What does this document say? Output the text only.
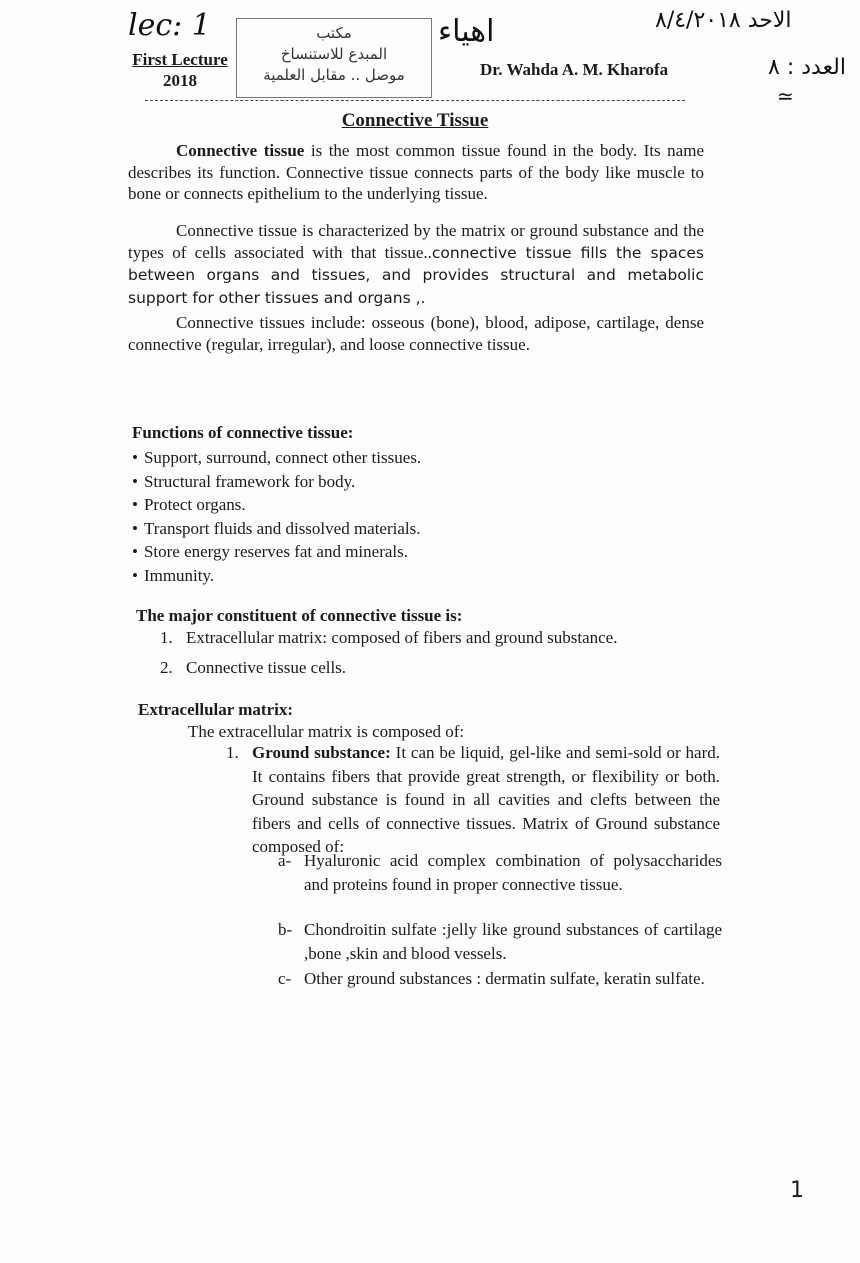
lec: 1
First Lecture
2018
مكتب
المبدع للاستنساخ
موصل .. مقابل العلمية
اهياء
Dr. Wahda A. M. Kharofa
الاحد ٨/٤/٢٠١٨
العدد : ٨
≃
Connective Tissue

Connective tissue is the most common tissue found in the body. Its name describes its function. Connective tissue connects parts of the body like muscle to bone or connects epithelium to the underlying tissue.

Connective tissue is characterized by the matrix or ground substance and the types of cells associated with that tissue..connective tissue fills the spaces between organs and tissues, and provides structural and metabolic support for other tissues and organs ,.

Connective tissues include: osseous (bone), blood, adipose, cartilage, dense connective (regular, irregular), and loose connective tissue.

Functions of connective tissue:
• Support, surround, connect other tissues.
• Structural framework for body.
• Protect organs.
• Transport fluids and dissolved materials.
• Store energy reserves fat and minerals.
• Immunity.
The major constituent of connective tissue is:
1. Extracellular matrix: composed of fibers and ground substance.
2. Connective tissue cells.
Extracellular matrix:
The extracellular matrix is composed of:
1. Ground substance: It can be liquid, gel-like and semi-sold or hard. It contains fibers that provide great strength, or flexibility or both. Ground substance is found in all cavities and clefts between the fibers and cells of connective tissues. Matrix of Ground substance composed of:
a- Hyaluronic acid complex combination of polysaccharides and proteins found in proper connective tissue.
b- Chondroitin sulfate :jelly like ground substances of cartilage ,bone ,skin and blood vessels.
c- Other ground substances : dermatin sulfate, keratin sulfate.
1
